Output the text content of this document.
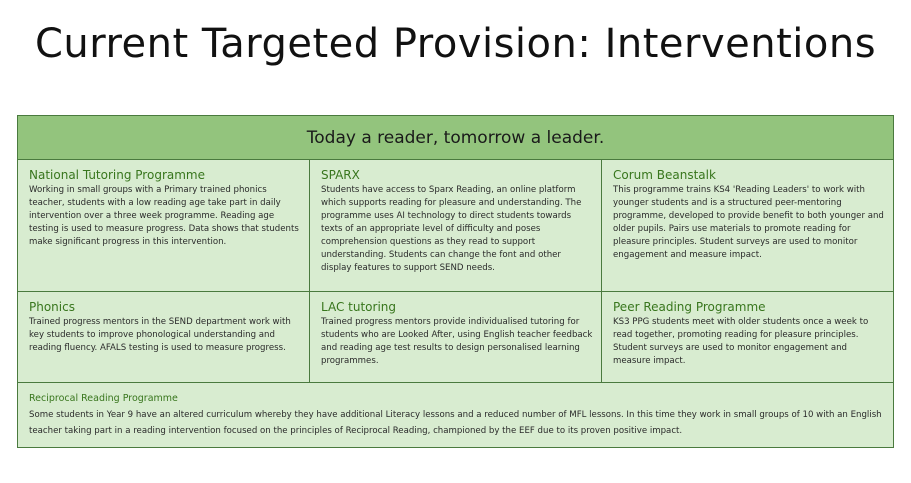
Current Targeted Provision: Interventions
Today a reader, tomorrow a leader.
National Tutoring Programme
Working in small groups with a Primary trained phonics teacher, students with a low reading age take part in daily intervention over a three week programme. Reading age testing is used to measure progress. Data shows that students make significant progress in this intervention.
SPARX
Students have access to Sparx Reading, an online platform which supports reading for pleasure and understanding. The programme uses AI technology to direct students towards texts of an appropriate level of difficulty and poses comprehension questions as they read to support understanding. Students can change the font and other display features to support SEND needs.
Corum Beanstalk
This programme trains KS4 'Reading Leaders' to work with younger students and is a structured peer-mentoring programme, developed to provide benefit to both younger and older pupils. Pairs use materials to promote reading for pleasure principles. Student surveys are used to monitor engagement and measure impact.
Phonics
Trained progress mentors in the SEND department work with key students to improve phonological understanding and reading fluency. AFALS testing is used to measure progress.
LAC tutoring
Trained progress mentors provide individualised tutoring for students who are Looked After, using English teacher feedback and reading age test results to design personalised learning programmes.
Peer Reading Programme
KS3 PPG students meet with older students once a week to read together, promoting reading for pleasure principles. Student surveys are used to monitor engagement and measure impact.
Reciprocal Reading Programme
Some students in Year 9 have an altered curriculum whereby they have additional Literacy lessons and a reduced number of MFL lessons. In this time they work in small groups of 10 with an English teacher taking part in a reading intervention focused on the principles of Reciprocal Reading, championed by the EEF due to its proven positive impact.
